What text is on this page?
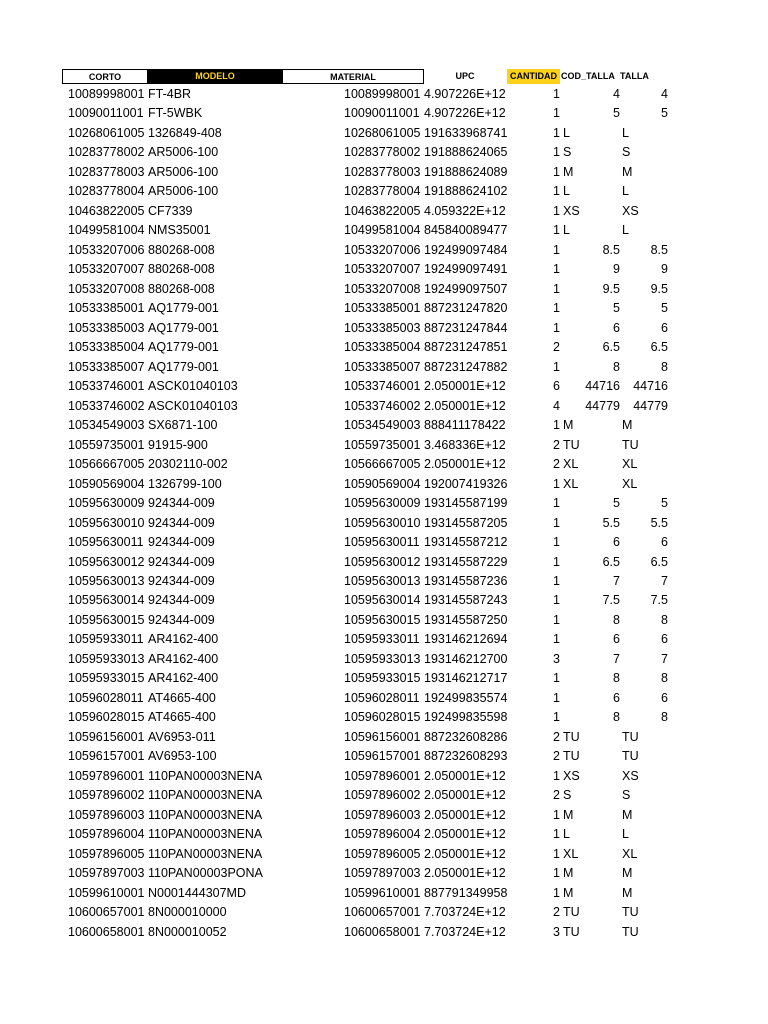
CORTO	MODELO	MATERIAL	UPC	CANTIDAD COD_TALLA TALLA
10089998001 FT-4BR	10089998001 4.907226E+12	1	4	4
10090011001 FT-5WBK	10090011001 4.907226E+12	1	5	5
10268061005 1326849-408	10268061005 191633968741	1 L	L
10283778002 AR5006-100	10283778002 191888624065	1 S	S
10283778003 AR5006-100	10283778003 191888624089	1 M	M
10283778004 AR5006-100	10283778004 191888624102	1 L	L
10463822005 CF7339	10463822005 4.059322E+12	1 XS	XS
10499581004 NMS35001	10499581004 845840089477	1 L	L
10533207006 880268-008	10533207006 192499097484	1	8.5	8.5
10533207007 880268-008	10533207007 192499097491	1	9	9
10533207008 880268-008	10533207008 192499097507	1	9.5	9.5
10533385001 AQ1779-001	10533385001 887231247820	1	5	5
10533385003 AQ1779-001	10533385003 887231247844	1	6	6
10533385004 AQ1779-001	10533385004 887231247851	2	6.5	6.5
10533385007 AQ1779-001	10533385007 887231247882	1	8	8
10533746001 ASCK01040103	10533746001 2.050001E+12	6	44716	44716
10533746002 ASCK01040103	10533746002 2.050001E+12	4	44779	44779
10534549003 SX6871-100	10534549003 888411178422	1 M	M
10559735001 91915-900	10559735001 3.468336E+12	2 TU	TU
10566667005 20302110-002	10566667005 2.050001E+12	2 XL	XL
10590569004 1326799-100	10590569004 192007419326	1 XL	XL
10595630009 924344-009	10595630009 193145587199	1	5	5
10595630010 924344-009	10595630010 193145587205	1	5.5	5.5
10595630011 924344-009	10595630011 193145587212	1	6	6
10595630012 924344-009	10595630012 193145587229	1	6.5	6.5
10595630013 924344-009	10595630013 193145587236	1	7	7
10595630014 924344-009	10595630014 193145587243	1	7.5	7.5
10595630015 924344-009	10595630015 193145587250	1	8	8
10595933011 AR4162-400	10595933011 193146212694	1	6	6
10595933013 AR4162-400	10595933013 193146212700	3	7	7
10595933015 AR4162-400	10595933015 193146212717	1	8	8
10596028011 AT4665-400	10596028011 192499835574	1	6	6
10596028015 AT4665-400	10596028015 192499835598	1	8	8
10596156001 AV6953-011	10596156001 887232608286	2 TU	TU
10596157001 AV6953-100	10596157001 887232608293	2 TU	TU
10597896001 110PAN00003NENA	10597896001 2.050001E+12	1 XS	XS
10597896002 110PAN00003NENA	10597896002 2.050001E+12	2 S	S
10597896003 110PAN00003NENA	10597896003 2.050001E+12	1 M	M
10597896004 110PAN00003NENA	10597896004 2.050001E+12	1 L	L
10597896005 110PAN00003NENA	10597896005 2.050001E+12	1 XL	XL
10597897003 110PAN00003PONA	10597897003 2.050001E+12	1 M	M
10599610001 N0001444307MD	10599610001 887791349958	1 M	M
10600657001 8N000010000	10600657001 7.703724E+12	2 TU	TU
10600658001 8N000010052	10600658001 7.703724E+12	3 TU	TU
